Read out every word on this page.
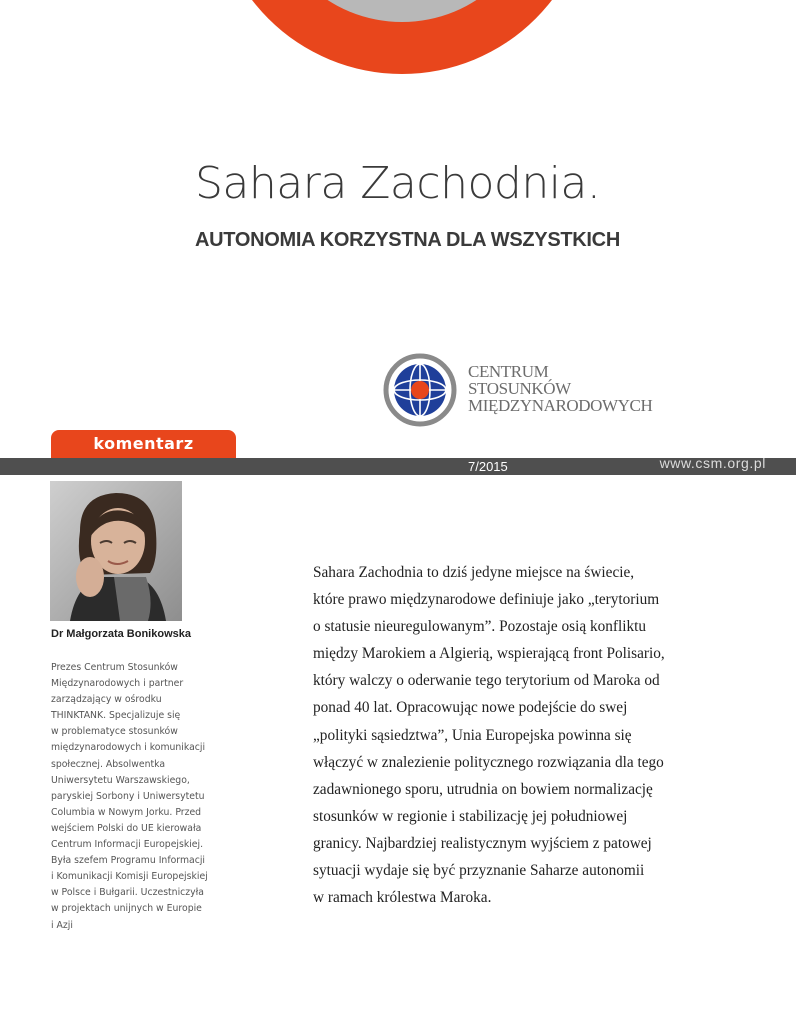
Sahara Zachodnia.
AUTONOMIA KORZYSTNA DLA WSZYSTKICH
CENTRUM
STOSUNKÓW
MIĘDZYNARODOWYCH
komentarz
7/2015	www.csm.org.pl
Dr Małgorzata Bonikowska
Prezes Centrum Stosunków
Międzynarodowych i partner
zarządzający w ośrodku
THINKTANK. Specjalizuje się
w problematyce stosunków
międzynarodowych i komunikacji
społecznej. Absolwentka
Uniwersytetu Warszawskiego,
paryskiej Sorbony i Uniwersytetu
Columbia w Nowym Jorku. Przed
wejściem Polski do UE kierowała
Centrum Informacji Europejskiej.
Była szefem Programu Informacji
i Komunikacji Komisji Europejskiej
w Polsce i Bułgarii. Uczestniczyła
w projektach unijnych w Europie
i Azji
Sahara Zachodnia to dziś jedyne miejsce na świecie,
które prawo międzynarodowe definiuje jako „terytorium
o statusie nieuregulowanym”. Pozostaje osią konfliktu
między Marokiem a Algierią, wspierającą front Polisario,
który walczy o oderwanie tego terytorium od Maroka od
ponad 40 lat. Opracowując nowe podejście do swej
„polityki sąsiedztwa”, Unia Europejska powinna się
włączyć w znalezienie politycznego rozwiązania dla tego
zadawnionego sporu, utrudnia on bowiem normalizację
stosunków w regionie i stabilizację jej południowej
granicy. Najbardziej realistycznym wyjściem z patowej
sytuacji wydaje się być przyznanie Saharze autonomii
w ramach królestwa Maroka.
